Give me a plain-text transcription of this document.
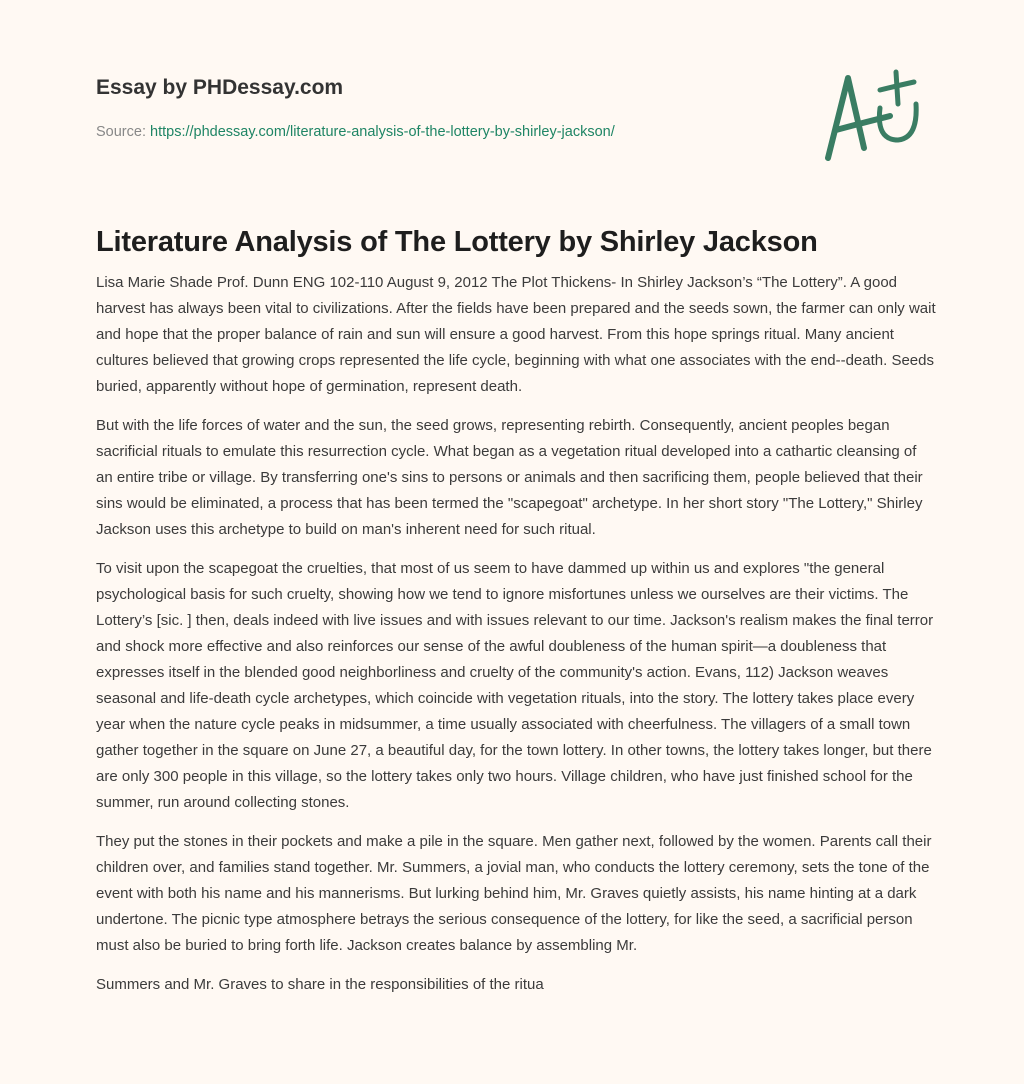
Essay by PHDessay.com

Source: https://phdessay.com/literature-analysis-of-the-lottery-by-shirley-jackson/
Literature Analysis of The Lottery by Shirley Jackson

Lisa Marie Shade Prof. Dunn ENG 102-110 August 9, 2012 The Plot Thickens- In Shirley Jackson’s “The Lottery”. A good harvest has always been vital to civilizations. After the fields have been prepared and the seeds sown, the farmer can only wait and hope that the proper balance of rain and sun will ensure a good harvest. From this hope springs ritual. Many ancient cultures believed that growing crops represented the life cycle, beginning with what one associates with the end--death. Seeds buried, apparently without hope of germination, represent death.

But with the life forces of water and the sun, the seed grows, representing rebirth. Consequently, ancient peoples began sacrificial rituals to emulate this resurrection cycle. What began as a vegetation ritual developed into a cathartic cleansing of an entire tribe or village. By transferring one's sins to persons or animals and then sacrificing them, people believed that their sins would be eliminated, a process that has been termed the "scapegoat" archetype. In her short story "The Lottery," Shirley Jackson uses this archetype to build on man's inherent need for such ritual.

To visit upon the scapegoat the cruelties, that most of us seem to have dammed up within us and explores "the general psychological basis for such cruelty, showing how we tend to ignore misfortunes unless we ourselves are their victims. The Lottery’s [sic. ] then, deals indeed with live issues and with issues relevant to our time. Jackson's realism makes the final terror and shock more effective and also reinforces our sense of the awful doubleness of the human spirit—a doubleness that expresses itself in the blended good neighborliness and cruelty of the community's action. Evans, 112) Jackson weaves seasonal and life-death cycle archetypes, which coincide with vegetation rituals, into the story. The lottery takes place every year when the nature cycle peaks in midsummer, a time usually associated with cheerfulness. The villagers of a small town gather together in the square on June 27, a beautiful day, for the town lottery. In other towns, the lottery takes longer, but there are only 300 people in this village, so the lottery takes only two hours. Village children, who have just finished school for the summer, run around collecting stones.

They put the stones in their pockets and make a pile in the square. Men gather next, followed by the women. Parents call their children over, and families stand together. Mr. Summers, a jovial man, who conducts the lottery ceremony, sets the tone of the event with both his name and his mannerisms. But lurking behind him, Mr. Graves quietly assists, his name hinting at a dark undertone. The picnic type atmosphere betrays the serious consequence of the lottery, for like the seed, a sacrificial person must also be buried to bring forth life. Jackson creates balance by assembling Mr.

Summers and Mr. Graves to share in the responsibilities of the ritua
